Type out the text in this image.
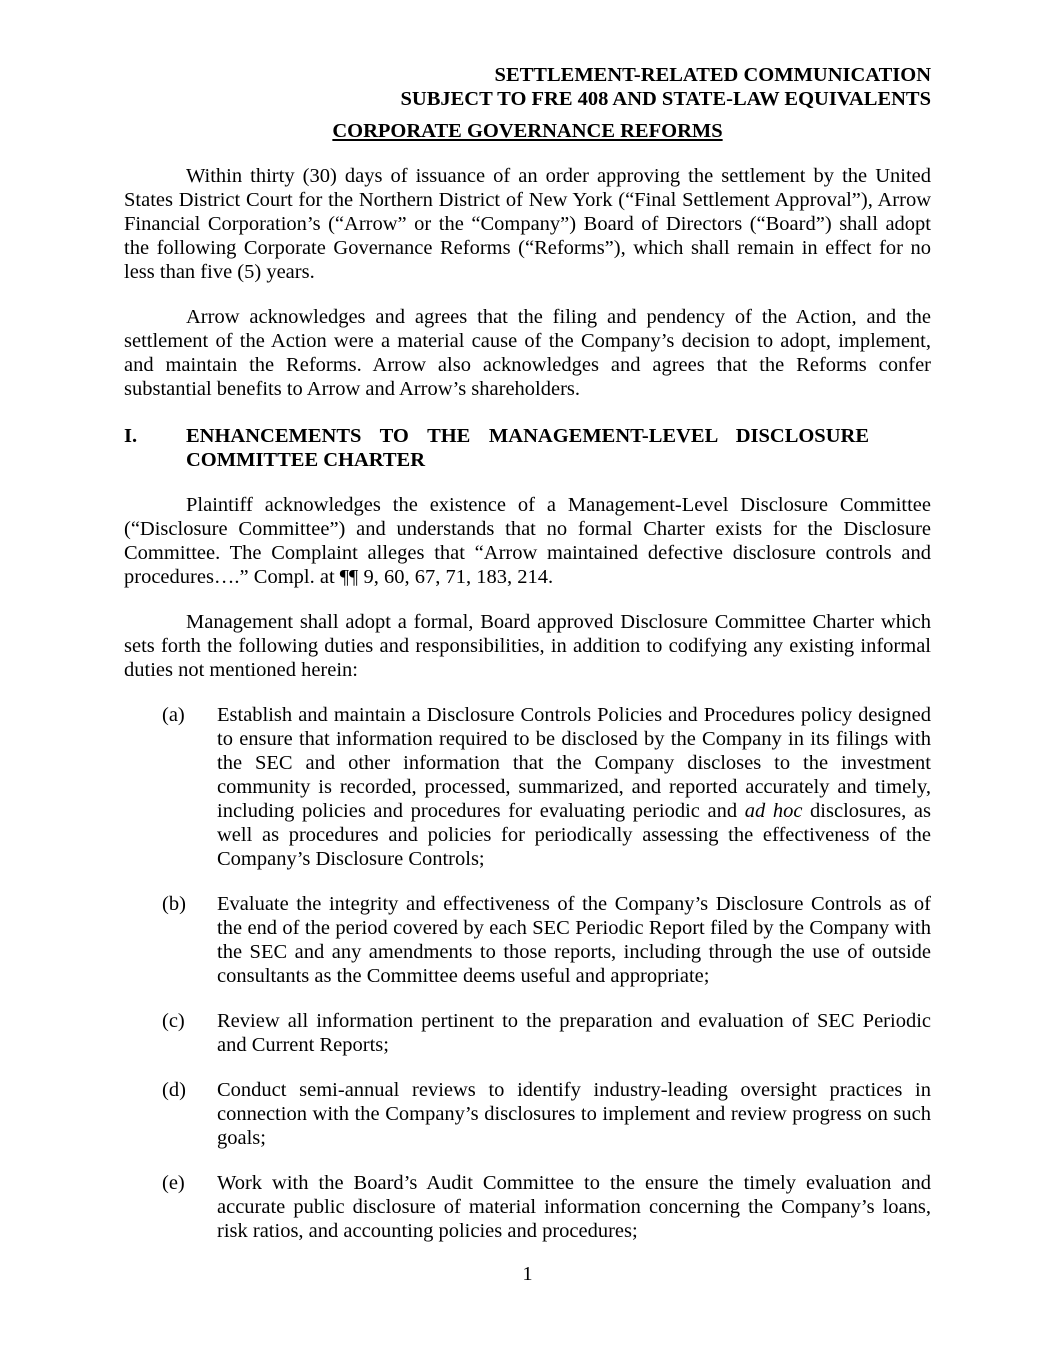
SETTLEMENT-RELATED COMMUNICATION
SUBJECT TO FRE 408 AND STATE-LAW EQUIVALENTS
CORPORATE GOVERNANCE REFORMS

Within thirty (30) days of issuance of an order approving the settlement by the United States District Court for the Northern District of New York (“Final Settlement Approval”), Arrow Financial Corporation’s (“Arrow” or the “Company”) Board of Directors (“Board”) shall adopt the following Corporate Governance Reforms (“Reforms”), which shall remain in effect for no less than five (5) years.

Arrow acknowledges and agrees that the filing and pendency of the Action, and the settlement of the Action were a material cause of the Company’s decision to adopt, implement, and maintain the Reforms. Arrow also acknowledges and agrees that the Reforms confer substantial benefits to Arrow and Arrow’s shareholders.

I.	ENHANCEMENTS TO THE MANAGEMENT-LEVEL DISCLOSURE COMMITTEE CHARTER

Plaintiff acknowledges the existence of a Management-Level Disclosure Committee (“Disclosure Committee”) and understands that no formal Charter exists for the Disclosure Committee. The Complaint alleges that “Arrow maintained defective disclosure controls and procedures….” Compl. at ¶¶ 9, 60, 67, 71, 183, 214.

Management shall adopt a formal, Board approved Disclosure Committee Charter which sets forth the following duties and responsibilities, in addition to codifying any existing informal duties not mentioned herein:

(a)	Establish and maintain a Disclosure Controls Policies and Procedures policy designed to ensure that information required to be disclosed by the Company in its filings with the SEC and other information that the Company discloses to the investment community is recorded, processed, summarized, and reported accurately and timely, including policies and procedures for evaluating periodic and ad hoc disclosures, as well as procedures and policies for periodically assessing the effectiveness of the Company’s Disclosure Controls;
(b)	Evaluate the integrity and effectiveness of the Company’s Disclosure Controls as of the end of the period covered by each SEC Periodic Report filed by the Company with the SEC and any amendments to those reports, including through the use of outside consultants as the Committee deems useful and appropriate;
(c)	Review all information pertinent to the preparation and evaluation of SEC Periodic and Current Reports;
(d)	Conduct semi-annual reviews to identify industry-leading oversight practices in connection with the Company’s disclosures to implement and review progress on such goals;
(e)	Work with the Board’s Audit Committee to the ensure the timely evaluation and accurate public disclosure of material information concerning the Company’s loans, risk ratios, and accounting policies and procedures;
1
